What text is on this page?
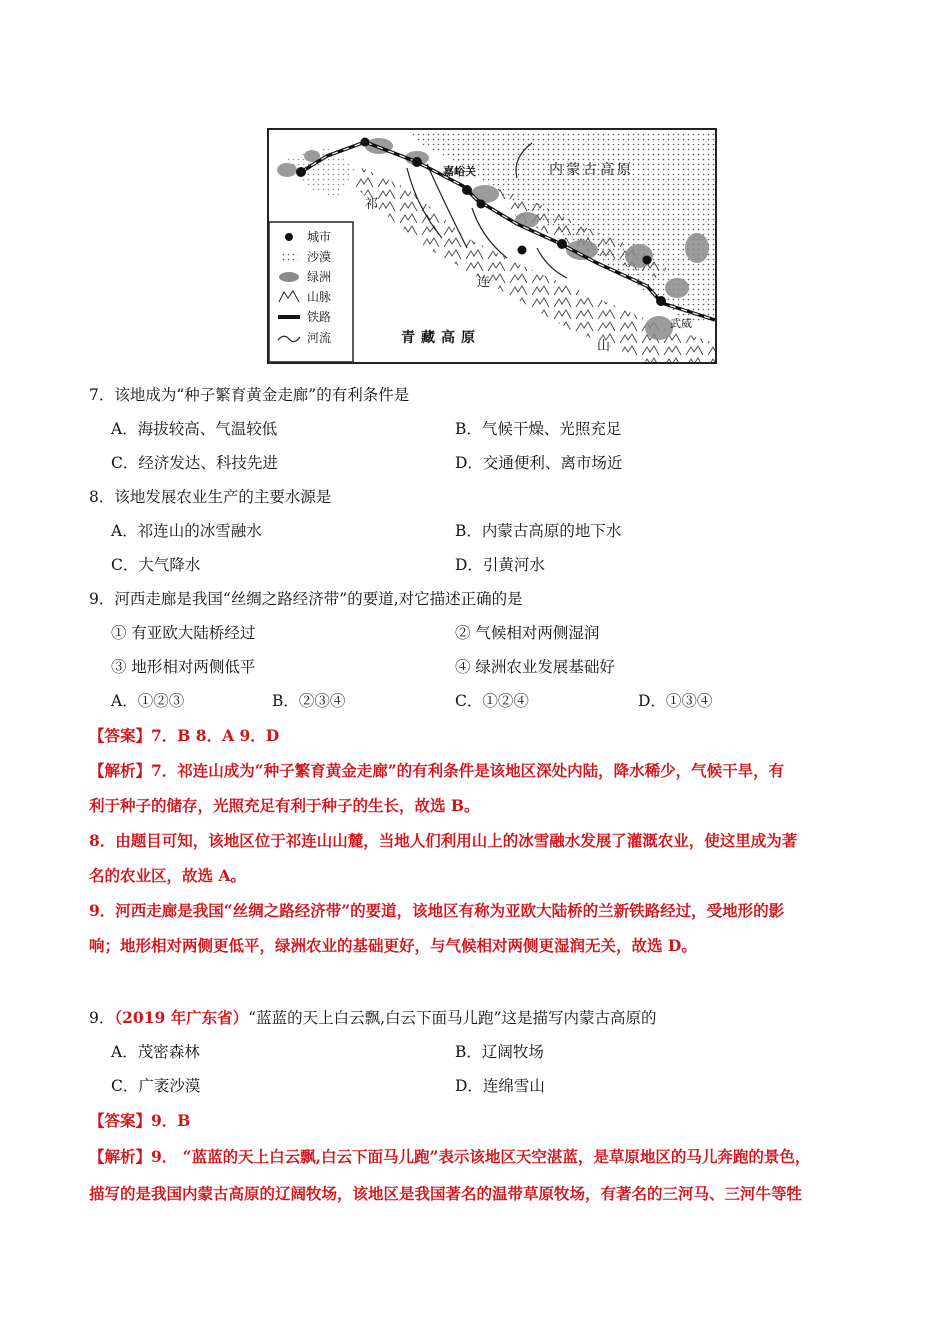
城市
沙漠
绿洲
山脉
铁路
河流
嘉峪关	内蒙古高原
祁
连
山
青藏高原
武威
7．该地成为“种子繁育黄金走廊”的有利条件是
A．海拔较高、气温较低	B．气候干燥、光照充足
C．经济发达、科技先进	D．交通便利、离市场近
8．该地发展农业生产的主要水源是
A．祁连山的冰雪融水	B．内蒙古高原的地下水
C．大气降水	D．引黄河水
9．河西走廊是我国“丝绸之路经济带”的要道,对它描述正确的是
① 有亚欧大陆桥经过	② 气候相对两侧湿润
③ 地形相对两侧低平	④ 绿洲农业发展基础好
A．①②③	B．②③④	C．①②④	D．①③④
【答案】7．B 8．A 9．D
【解析】7．祁连山成为“种子繁育黄金走廊”的有利条件是该地区深处内陆，降水稀少，气候干旱，有
利于种子的储存，光照充足有利于种子的生长，故选 B。
8．由题目可知，该地区位于祁连山山麓，当地人们利用山上的冰雪融水发展了灌溉农业，使这里成为著
名的农业区，故选 A。
9．河西走廊是我国“丝绸之路经济带”的要道，该地区有称为亚欧大陆桥的兰新铁路经过，受地形的影
响；地形相对两侧更低平，绿洲农业的基础更好，与气候相对两侧更湿润无关，故选 D。
9．（2019 年广东省）“蓝蓝的天上白云飘,白云下面马儿跑”这是描写内蒙古高原的
A．茂密森林	B．辽阔牧场
C．广袤沙漠	D．连绵雪山
【答案】9．B
【解析】9． “蓝蓝的天上白云飘,白云下面马儿跑”表示该地区天空湛蓝，是草原地区的马儿奔跑的景色，
描写的是我国内蒙古高原的辽阔牧场，该地区是我国著名的温带草原牧场，有著名的三河马、三河牛等牲
